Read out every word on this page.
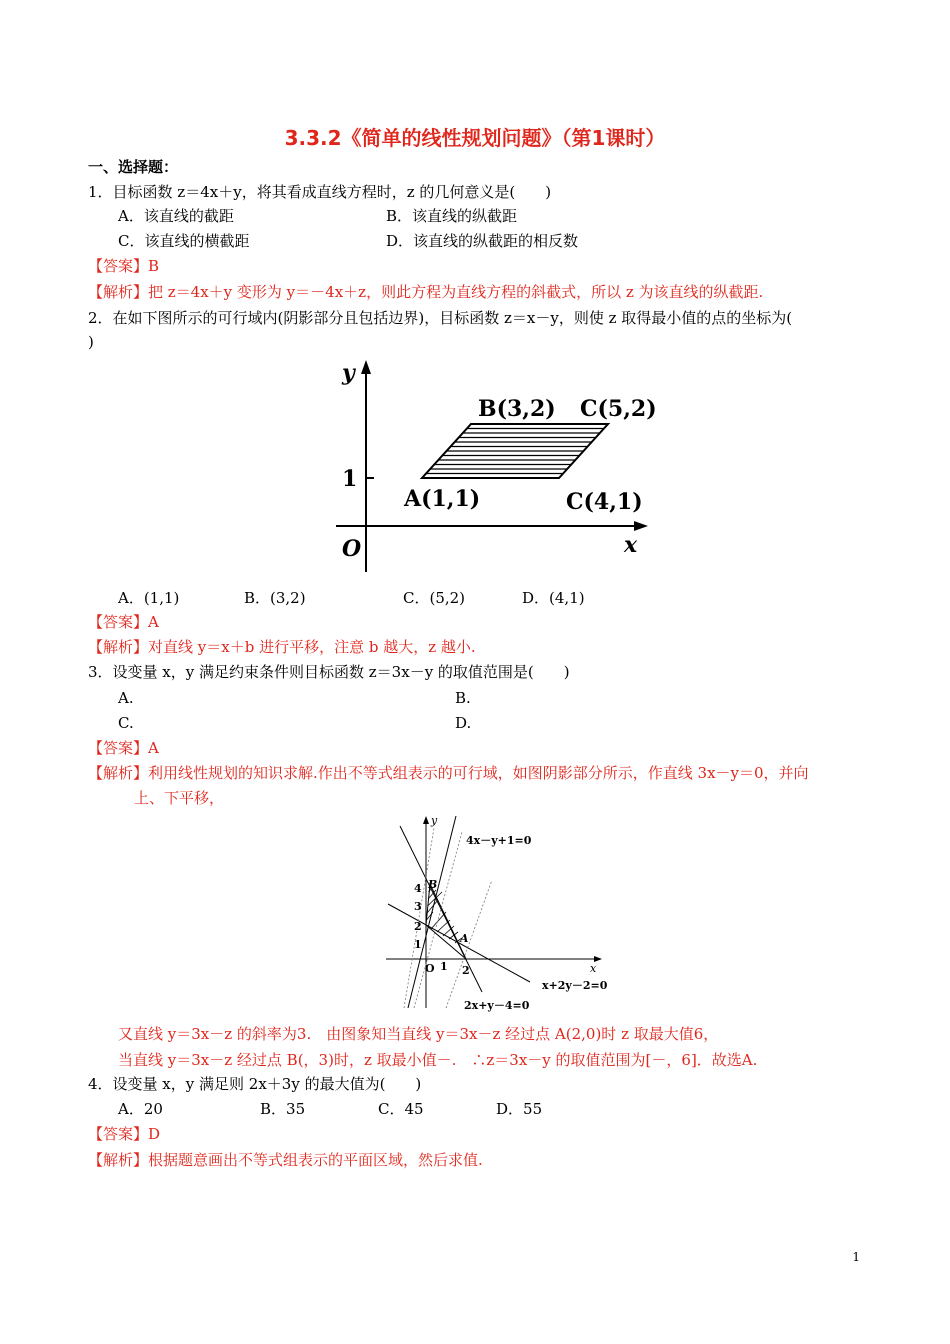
3.3.2《简单的线性规划问题》（第1课时）
一、选择题：
1．目标函数 z＝4x＋y，将其看成直线方程时，z 的几何意义是(　　)
A．该直线的截距	B．该直线的纵截距
C．该直线的横截距	D．该直线的纵截距的相反数
【答案】B
【解析】把 z＝4x＋y 变形为 y＝－4x＋z，则此方程为直线方程的斜截式，所以 z 为该直线的纵截距.
2．在如下图所示的可行域内(阴影部分且包括边界)，目标函数 z＝x－y，则使 z 取得最小值的点的坐标为(
)
y
x
O
1
B(3,2) C(5,2)
A(1,1)	C(4,1)
A．(1,1)	B．(3,2)	C．(5,2)	D．(4,1)
【答案】A
【解析】对直线 y＝x＋b 进行平移，注意 b 越大，z 越小.
3．设变量 x，y 满足约束条件则目标函数 z＝3x－y 的取值范围是(　　)
A.	B.
C.	D.
【答案】A
【解析】利用线性规划的知识求解.作出不等式组表示的可行域，如图阴影部分所示，作直线 3x－y＝0，并向
上、下平移，
4x－y+1=0
x+2y－2=0
2x+y－4=0
y
x
O
B
A
4
3
2
1
1 2
又直线 y＝3x－z 的斜率为3.　由图象知当直线 y＝3x－z 经过点 A(2,0)时 z 取最大值6，
当直线 y＝3x－z 经过点 B(，3)时，z 取最小值－.　∴z＝3x－y 的取值范围为[－，6]．故选A.
4．设变量 x，y 满足则 2x＋3y 的最大值为(　　)
A．20	B．35	C．45	D．55
【答案】D
【解析】根据题意画出不等式组表示的平面区域，然后求值.
1
